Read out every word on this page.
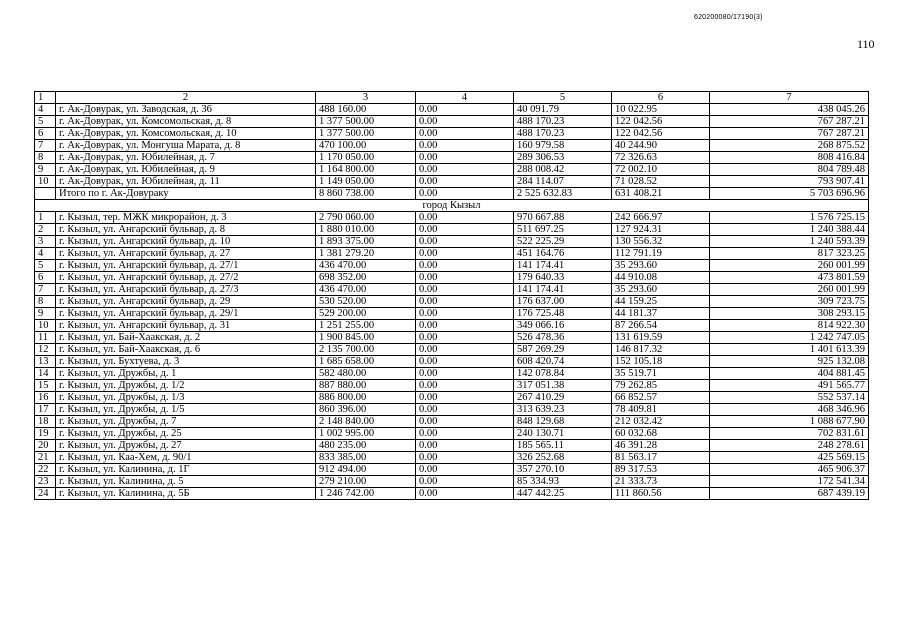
620200080/17190(3)
110
1	2	3	4	5	6	7
4	г. Ак-Довурак, ул. Заводская, д. 36	488 160.00	0.00	40 091.79	10 022.95	438 045.26
5	г. Ак-Довурак, ул. Комсомольская, д. 8	1 377 500.00	0.00	488 170.23	122 042.56	767 287.21
6	г. Ак-Довурак, ул. Комсомольская, д. 10	1 377 500.00	0.00	488 170.23	122 042.56	767 287.21
7	г. Ак-Довурак, ул. Монгуша Марата, д. 8	470 100.00	0.00	160 979.58	40 244.90	268 875.52
8	г. Ак-Довурак, ул. Юбилейная, д. 7	1 170 050.00	0.00	289 306.53	72 326.63	808 416.84
9	г. Ак-Довурак, ул. Юбилейная, д. 9	1 164 800.00	0.00	288 008.42	72 002.10	804 789.48
10	г. Ак-Довурак, ул. Юбилейная, д. 11	1 149 050.00	0.00	284 114.07	71 028.52	793 907.41
	Итого по г. Ак-Довураку	8 860 738.00	0.00	2 525 632.83	631 408.21	5 703 696.96
город Кызыл						
1	г. Кызыл, тер. МЖК микрорайон, д. 3	2 790 060.00	0.00	970 667.88	242 666.97	1 576 725.15
2	г. Кызыл, ул. Ангарский бульвар, д. 8	1 880 010.00	0.00	511 697.25	127 924.31	1 240 388.44
3	г. Кызыл, ул. Ангарский бульвар, д. 10	1 893 375.00	0.00	522 225.29	130 556.32	1 240 593.39
4	г. Кызыл, ул. Ангарский бульвар, д. 27	1 381 279.20	0.00	451 164.76	112 791.19	817 323.25
5	г. Кызыл, ул. Ангарский бульвар, д. 27/1	436 470.00	0.00	141 174.41	35 293.60	260 001.99
6	г. Кызыл, ул. Ангарский бульвар, д. 27/2	698 352.00	0.00	179 640.33	44 910.08	473 801.59
7	г. Кызыл, ул. Ангарский бульвар, д. 27/3	436 470.00	0.00	141 174.41	35 293.60	260 001.99
8	г. Кызыл, ул. Ангарский бульвар, д. 29	530 520.00	0.00	176 637.00	44 159.25	309 723.75
9	г. Кызыл, ул. Ангарский бульвар, д. 29/1	529 200.00	0.00	176 725.48	44 181.37	308 293.15
10	г. Кызыл, ул. Ангарский бульвар, д. 31	1 251 255.00	0.00	349 066.16	87 266.54	814 922.30
11	г. Кызыл, ул. Бай-Хаакская, д. 2	1 900 845.00	0.00	526 478.36	131 619.59	1 242 747.05
12	г. Кызыл, ул. Бай-Хаакская, д. 6	2 135 700.00	0.00	587 269.29	146 817.32	1 401 613.39
13	г. Кызыл, ул. Бухтуева, д. 3	1 685 658.00	0.00	608 420.74	152 105.18	925 132.08
14	г. Кызыл, ул. Дружбы, д. 1	582 480.00	0.00	142 078.84	35 519.71	404 881.45
15	г. Кызыл, ул. Дружбы, д. 1/2	887 880.00	0.00	317 051.38	79 262.85	491 565.77
16	г. Кызыл, ул. Дружбы, д. 1/3	886 800.00	0.00	267 410.29	66 852.57	552 537.14
17	г. Кызыл, ул. Дружбы, д. 1/5	860 396.00	0.00	313 639.23	78 409.81	468 346.96
18	г. Кызыл, ул. Дружбы, д. 7	2 148 840.00	0.00	848 129.68	212 032.42	1 088 677.90
19	г. Кызыл, ул. Дружбы, д. 25	1 002 995.00	0.00	240 130.71	60 032.68	702 831.61
20	г. Кызыл, ул. Дружбы, д. 27	480 235.00	0.00	185 565.11	46 391.28	248 278.61
21	г. Кызыл, ул. Каа-Хем, д. 90/1	833 385.00	0.00	326 252.68	81 563.17	425 569.15
22	г. Кызыл, ул. Калинина, д. 1Г	912 494.00	0.00	357 270.10	89 317.53	465 906.37
23	г. Кызыл, ул. Калинина, д. 5	279 210.00	0.00	85 334.93	21 333.73	172 541.34
24	г. Кызыл, ул. Калинина, д. 5Б	1 246 742.00	0.00	447 442.25	111 860.56	687 439.19
